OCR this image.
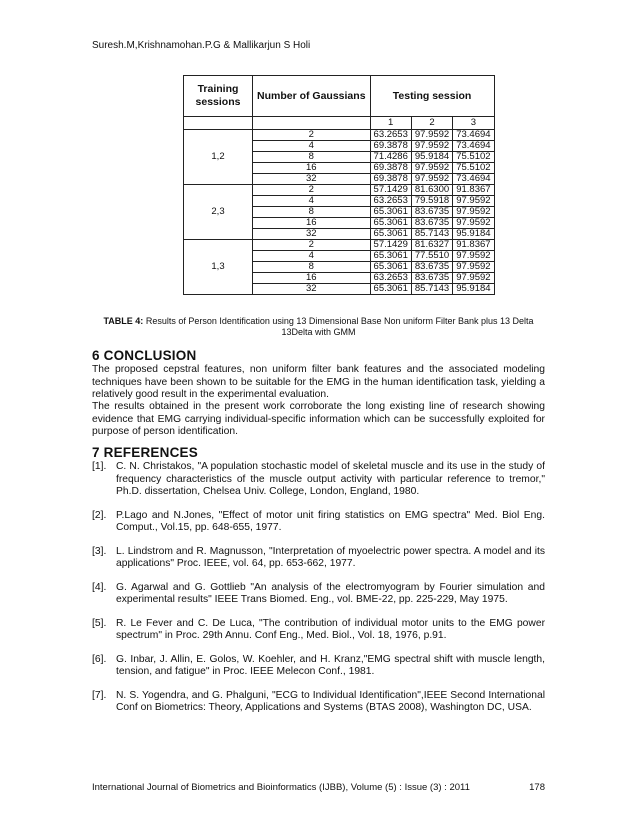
Suresh.M,Krishnamohan.P.G & Mallikarjun S Holi
Training sessions	Number of Gaussians	Testing session		
		1	2	3
1,2	2	63.2653	97.9592	73.4694
	4	69.3878	97.9592	73.4694
	8	71.4286	95.9184	75.5102
	16	69.3878	97.9592	75.5102
	32	69.3878	97.9592	73.4694
2,3	2	57.1429	81.6300	91.8367
	4	63.2653	79.5918	97.9592
	8	65.3061	83.6735	97.9592
	16	65.3061	83.6735	97.9592
	32	65.3061	85.7143	95.9184
1,3	2	57.1429	81.6327	91.8367
	4	65.3061	77.5510	97.9592
	8	65.3061	83.6735	97.9592
	16	63.2653	83.6735	97.9592
	32	65.3061	85.7143	95.9184
TABLE 4: Results of Person Identification using 13 Dimensional Base Non uniform Filter Bank plus 13 Delta 13Delta with GMM
6 CONCLUSION

The proposed cepstral features, non uniform filter bank features and the associated modeling techniques have been shown to be suitable for the EMG in the human identification task, yielding a relatively good result in the experimental evaluation.

The results obtained in the present work corroborate the long existing line of research showing evidence that EMG carrying individual-specific information which can be successfully exploited for purpose of person identification.

7 REFERENCES
[1]. C. N. Christakos, "A population stochastic model of skeletal muscle and its use in the study of frequency characteristics of the muscle output activity with particular reference to tremor," Ph.D. dissertation, Chelsea Univ. College, London, England, 1980.
[2]. P.Lago and N.Jones, "Effect of motor unit firing statistics on EMG spectra" Med. Biol Eng. Comput., Vol.15, pp. 648-655, 1977.
[3]. L. Lindstrom and R. Magnusson, "Interpretation of myoelectric power spectra. A model and its applications" Proc. IEEE, vol. 64, pp. 653-662, 1977.
[4]. G. Agarwal and G. Gottlieb "An analysis of the electromyogram by Fourier simulation and experimental results" IEEE Trans Biomed. Eng., vol. BME-22, pp. 225-229, May 1975.
[5]. R. Le Fever and C. De Luca, "The contribution of individual motor units to the EMG power spectrum" in Proc. 29th Annu. Conf Eng., Med. Biol., Vol. 18, 1976, p.91.
[6]. G. Inbar, J. Allin, E. Golos, W. Koehler, and H. Kranz,"EMG spectral shift with muscle length, tension, and fatigue" in Proc. IEEE Melecon Conf., 1981.
[7]. N. S. Yogendra, and G. Phalguni, "ECG to Individual Identification",IEEE Second International Conf on Biometrics: Theory, Applications and Systems (BTAS 2008), Washington DC, USA.
International Journal of Biometrics and Bioinformatics (IJBB), Volume (5) : Issue (3) : 2011	178
